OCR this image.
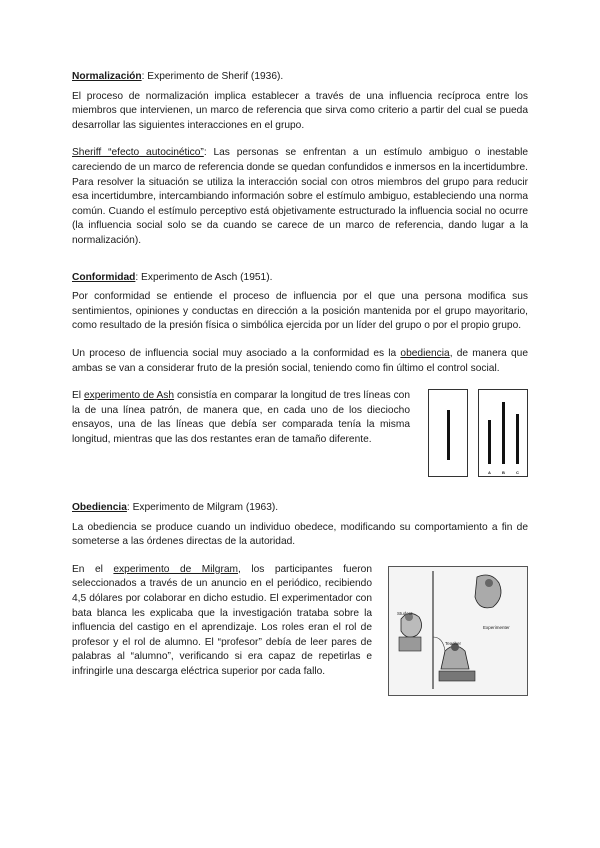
Normalización: Experimento de Sherif (1936).

El proceso de normalización implica establecer a través de una influencia recíproca entre los miembros que intervienen, un marco de referencia que sirva como criterio a partir del cual se pueda desarrollar las siguientes interacciones en el grupo.

Sheriff “efecto autocinético”: Las personas se enfrentan a un estímulo ambiguo o inestable careciendo de un marco de referencia donde se quedan confundidos e inmersos en la incertidumbre. Para resolver la situación se utiliza la interacción social con otros miembros del grupo para reducir esa incertidumbre, intercambiando información sobre el estímulo ambiguo, estableciendo una norma común. Cuando el estímulo perceptivo está objetivamente estructurado la influencia social no ocurre (la influencia social solo se da cuando se carece de un marco de referencia, dando lugar a la normalización).

Conformidad: Experimento de Asch (1951).

Por conformidad se entiende el proceso de influencia por el que una persona modifica sus sentimientos, opiniones y conductas en dirección a la posición mantenida por el grupo mayoritario, como resultado de la presión física o simbólica ejercida por un líder del grupo o por el propio grupo.

Un proceso de influencia social muy asociado a la conformidad es la obediencia, de manera que ambas se van a considerar fruto de la presión social, teniendo como fin último el control social.

El experimento de Ash consistía en comparar la longitud de tres líneas con la de una línea patrón, de manera que, en cada uno de los dieciocho ensayos, una de las líneas que debía ser comparada tenía la misma longitud, mientras que las dos restantes eran de tamaño diferente.

A	B	C
Obediencia: Experimento de Milgram (1963).

La obediencia se produce cuando un individuo obedece, modificando su comportamiento a fin de someterse a las órdenes directas de la autoridad.

En el experimento de Milgram, los participantes fueron seleccionados a través de un anuncio en el periódico, recibiendo 4,5 dólares por colaborar en dicho estudio. El experimentador con bata blanca les explicaba que la investigación trataba sobre la influencia del castigo en el aprendizaje. Los roles eran el rol de profesor y el rol de alumno. El “profesor” debía de leer pares de palabras al “alumno”, verificando si era capaz de repetirlas e infringirle una descarga eléctrica superior por cada fallo.

Student
Teacher
Experimenter
